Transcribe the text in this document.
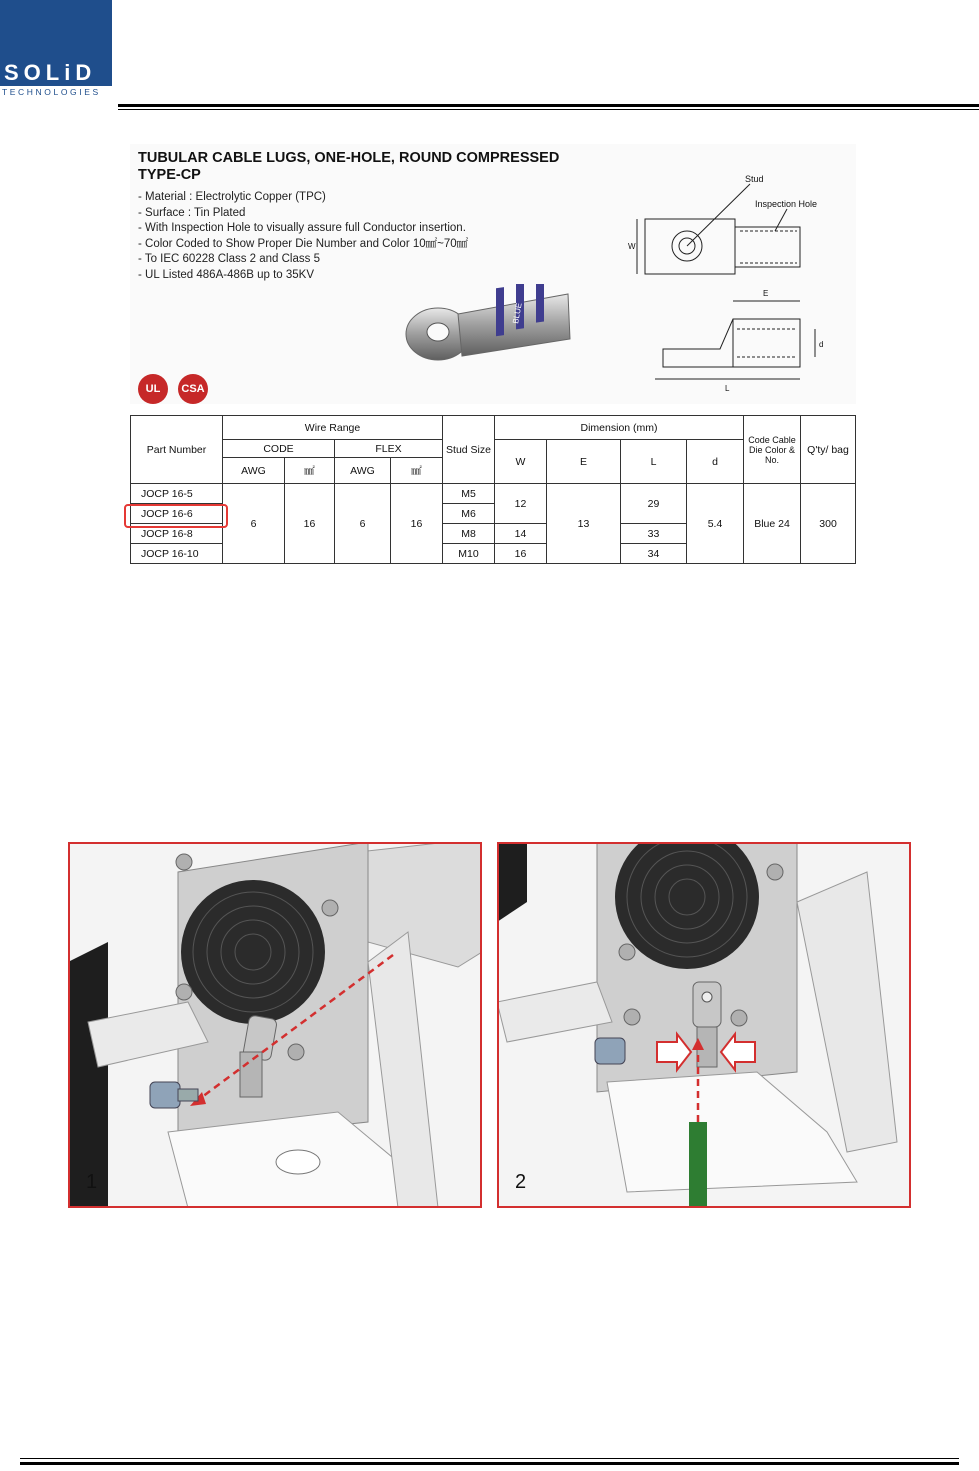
SOLiD
TECHNOLOGIES
TUBULAR CABLE LUGS, ONE-HOLE, ROUND COMPRESSED
TYPE-CP
- Material : Electrolytic Copper (TPC)
- Surface : Tin Plated
- With Inspection Hole to visually assure full Conductor insertion.
- Color Coded to Show Proper Die Number and Color 10㎟~70㎟
- To IEC 60228 Class 2 and Class 5
- UL Listed 486A-486B up to 35KV
BLUE
Stud
Inspection Hole
W
E
d
L
UL	CSA
Part Number	Wire Range				Stud Size	Dimension (mm)				Code Cable Die Color & No.	Q'ty/ bag
	CODE		FLEX			W	E	L	d		
	AWG	㎟	AWG	㎟							
JOCP 16-5	6	16	6	16	M5	12	13	29	5.4	Blue 24	300
JOCP 16-6					M6						
JOCP 16-8					M8	14		33			
JOCP 16-10					M10	16		34			
1	2
